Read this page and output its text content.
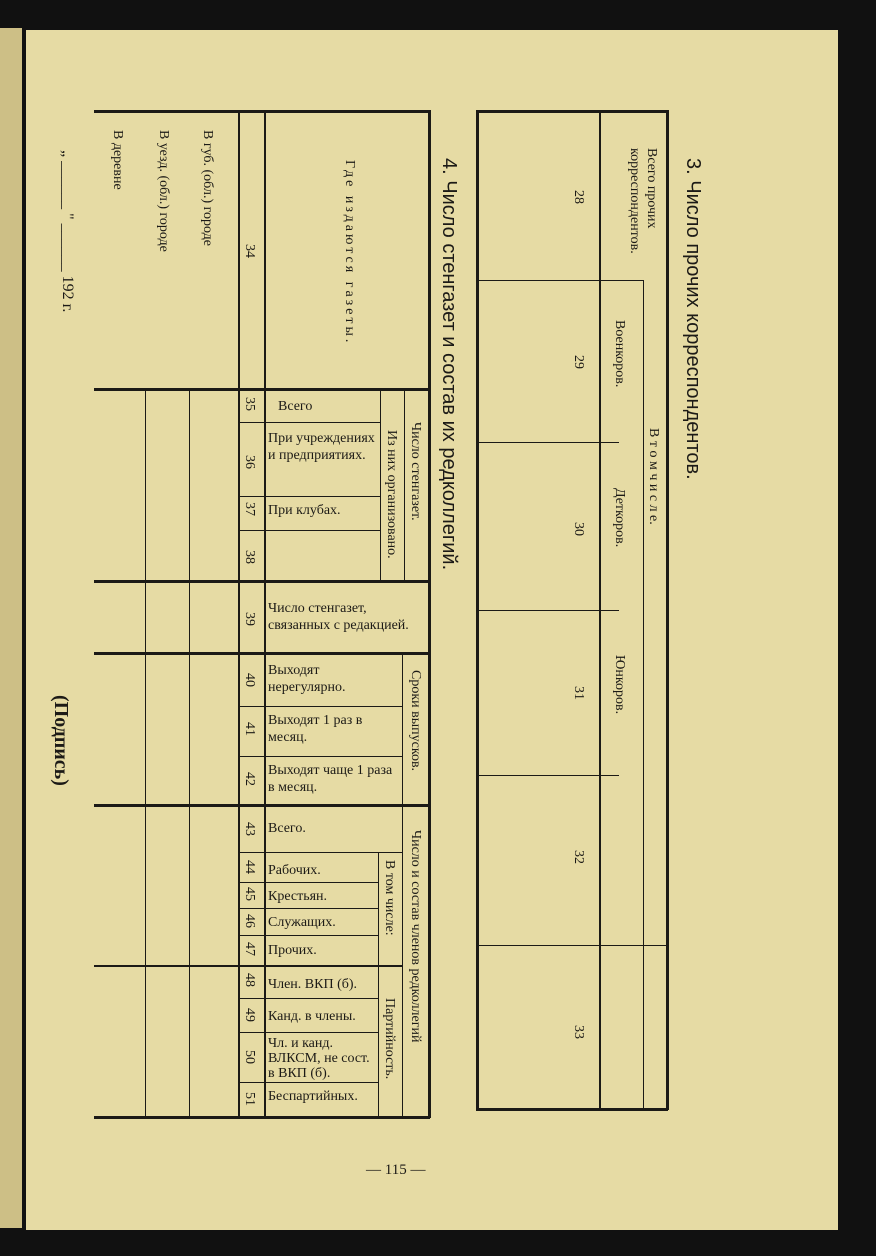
3. Число прочих корреспондентов.
Всего прочих корреспондентов.
В т о м ч и с л е.
Военкоров.
Деткоров.
Юнкоров.
28
29
30
31
32
33
4. Число стенгазет и состав их редколлегий.
Где издаются газеты.
В губ. (обл.) городе
В уезд. (обл.) городе
В деревне
Число стенгазет.
Из них организовано.
Всего
При учреждениях и предприятиях.
При клубах.
Число стенгазет, связанных с редакцией.
Сроки выпусков.
Выходят нерегулярно.
Выходят 1 раз в месяц.
Выходят чаще 1 раза в месяц.
Число и состав членов редколлегий
Всего.
В том числе:
Рабочих.
Крестьян.
Служащих.
Прочих.
Партийность.
Член. ВКП (б).
Канд. в члены.
Чл. и канд. ВЛКСМ, не сост. в ВКП (б).
Беспартийных.
34
35
36
37
38
39
40
41
42
43
44
45
46
47
48
49
50
51
„ ______ " ______ 192 г.
(Подпись)
— 115 —
